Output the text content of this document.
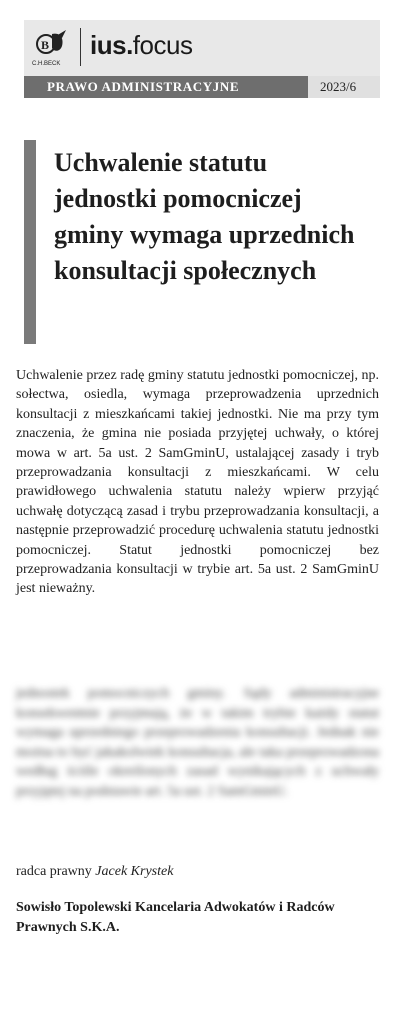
B
C.H.BECK
ius.focus
PRAWO ADMINISTRACYJNE	2023/6
Uchwalenie statutu jednostki pomocniczej gminy wymaga uprzednich konsultacji społecznych

Uchwalenie przez radę gminy statutu jednostki pomocniczej, np. sołectwa, osiedla, wymaga przeprowadzenia uprzednich konsultacji z mieszkańcami takiej jednostki. Nie ma przy tym znaczenia, że gmina nie posiada przyjętej uchwały, o której mowa w art. 5a ust. 2 SamGminU, ustalającej zasady i tryb przeprowadzania konsultacji z mieszkańcami. W celu prawidłowego uchwalenia statutu należy wpierw przyjąć uchwałę dotyczącą zasad i trybu przeprowadzania konsultacji, a następnie przeprowadzić procedurę uchwalenia statutu jednostki pomocniczej. Statut jednostki pomocniczej bez przeprowadzania konsultacji w trybie art. 5a ust. 2 SamGminU jest nieważny.

jednostek pomocniczych gminy. Sądy administracyjne konsekwentnie przyjmują, że w takim trybie każdy statut wymaga uprzedniego przeprowadzenia konsultacji. Jednak nie można to być jakakolwiek konsultacja, ale taka przeprowadzona według ściśle określonych zasad wynikających z uchwały przyjętej na podstawie art. 5a ust. 2 SamGminU.
radca prawny Jacek Krystek
Sowisło Topolewski Kancelaria Adwokatów i Radców Prawnych S.K.A.
